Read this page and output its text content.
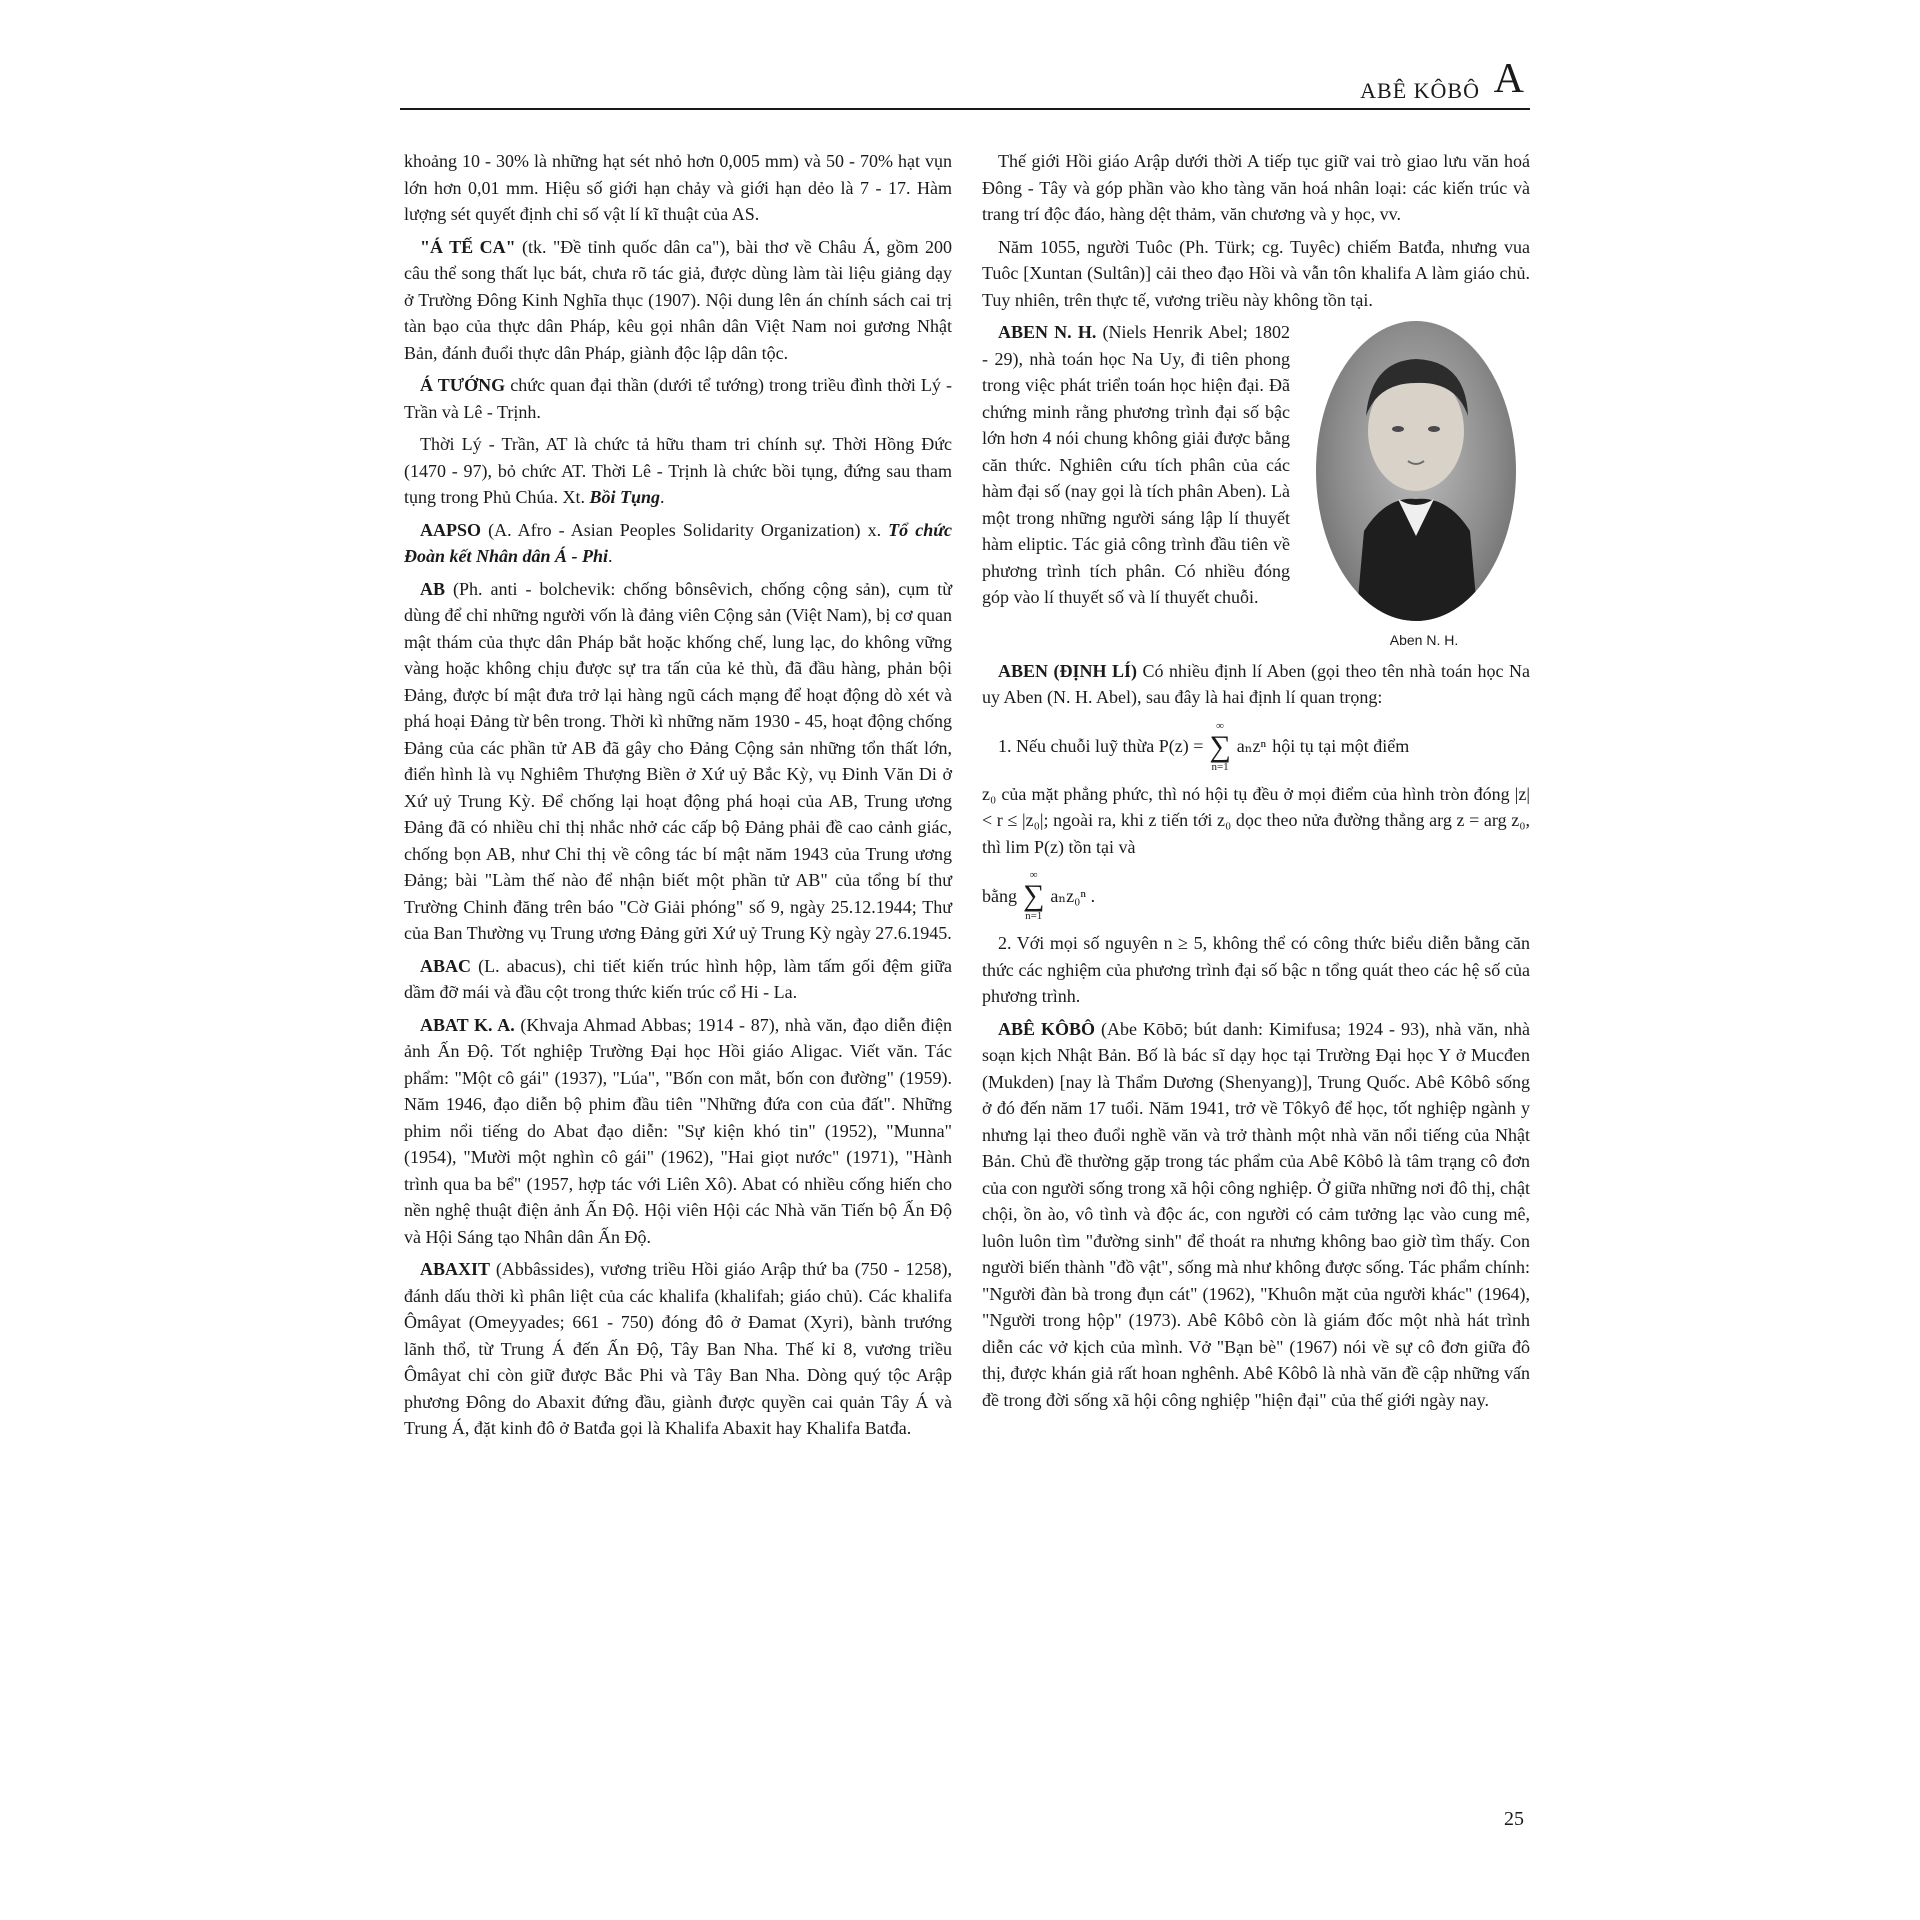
ABÊ KÔBÔ A

khoảng 10 - 30% là những hạt sét nhỏ hơn 0,005 mm) và 50 - 70% hạt vụn lớn hơn 0,01 mm. Hiệu số giới hạn chảy và giới hạn dẻo là 7 - 17. Hàm lượng sét quyết định chỉ số vật lí kĩ thuật của AS.

"Á TẾ CA" (tk. "Đề tỉnh quốc dân ca"), bài thơ về Châu Á, gồm 200 câu thể song thất lục bát, chưa rõ tác giả, được dùng làm tài liệu giảng dạy ở Trường Đông Kinh Nghĩa thục (1907). Nội dung lên án chính sách cai trị tàn bạo của thực dân Pháp, kêu gọi nhân dân Việt Nam noi gương Nhật Bản, đánh đuổi thực dân Pháp, giành độc lập dân tộc.

Á TƯỚNG chức quan đại thần (dưới tể tướng) trong triều đình thời Lý - Trần và Lê - Trịnh.

Thời Lý - Trần, AT là chức tả hữu tham tri chính sự. Thời Hồng Đức (1470 - 97), bỏ chức AT. Thời Lê - Trịnh là chức bồi tụng, đứng sau tham tụng trong Phủ Chúa. Xt. Bồi Tụng.

AAPSO (A. Afro - Asian Peoples Solidarity Organization) x. Tổ chức Đoàn kết Nhân dân Á - Phi.

AB (Ph. anti - bolchevik: chống bônsêvich, chống cộng sản), cụm từ dùng để chỉ những người vốn là đảng viên Cộng sản (Việt Nam), bị cơ quan mật thám của thực dân Pháp bắt hoặc khống chế, lung lạc, do không vững vàng hoặc không chịu được sự tra tấn của kẻ thù, đã đầu hàng, phản bội Đảng, được bí mật đưa trở lại hàng ngũ cách mạng để hoạt động dò xét và phá hoại Đảng từ bên trong. Thời kì những năm 1930 - 45, hoạt động chống Đảng của các phần tử AB đã gây cho Đảng Cộng sản những tổn thất lớn, điển hình là vụ Nghiêm Thượng Biền ở Xứ uỷ Bắc Kỳ, vụ Đinh Văn Di ở Xứ uỷ Trung Kỳ. Để chống lại hoạt động phá hoại của AB, Trung ương Đảng đã có nhiều chỉ thị nhắc nhở các cấp bộ Đảng phải đề cao cảnh giác, chống bọn AB, như Chỉ thị về công tác bí mật năm 1943 của Trung ương Đảng; bài "Làm thế nào để nhận biết một phần tử AB" của tổng bí thư Trường Chinh đăng trên báo "Cờ Giải phóng" số 9, ngày 25.12.1944; Thư của Ban Thường vụ Trung ương Đảng gửi Xứ uỷ Trung Kỳ ngày 27.6.1945.

ABAC (L. abacus), chi tiết kiến trúc hình hộp, làm tấm gối đệm giữa dầm đỡ mái và đầu cột trong thức kiến trúc cổ Hi - La.

ABAT K. A. (Khvaja Ahmad Abbas; 1914 - 87), nhà văn, đạo diễn điện ảnh Ấn Độ. Tốt nghiệp Trường Đại học Hồi giáo Aligac. Viết văn. Tác phẩm: "Một cô gái" (1937), "Lúa", "Bốn con mắt, bốn con đường" (1959). Năm 1946, đạo diễn bộ phim đầu tiên "Những đứa con của đất". Những phim nổi tiếng do Abat đạo diễn: "Sự kiện khó tin" (1952), "Munna" (1954), "Mười một nghìn cô gái" (1962), "Hai giọt nước" (1971), "Hành trình qua ba bể" (1957, hợp tác với Liên Xô). Abat có nhiều cống hiến cho nền nghệ thuật điện ảnh Ấn Độ. Hội viên Hội các Nhà văn Tiến bộ Ấn Độ và Hội Sáng tạo Nhân dân Ấn Độ.

ABAXIT (Abbâssides), vương triều Hồi giáo Arập thứ ba (750 - 1258), đánh dấu thời kì phân liệt của các khalifa (khalifah; giáo chủ). Các khalifa Ômâyat (Omeyyades; 661 - 750) đóng đô ở Đamat (Xyri), bành trướng lãnh thổ, từ Trung Á đến Ấn Độ, Tây Ban Nha. Thế kỉ 8, vương triều Ômâyat chỉ còn giữ được Bắc Phi và Tây Ban Nha. Dòng quý tộc Arập phương Đông do Abaxit đứng đầu, giành được quyền cai quản Tây Á và Trung Á, đặt kinh đô ở Batđa gọi là Khalifa Abaxit hay Khalifa Batđa.

Thế giới Hồi giáo Arập dưới thời A tiếp tục giữ vai trò giao lưu văn hoá Đông - Tây và góp phần vào kho tàng văn hoá nhân loại: các kiến trúc và trang trí độc đáo, hàng dệt thảm, văn chương và y học, vv.

Năm 1055, người Tuôc (Ph. Türk; cg. Tuyêc) chiếm Batđa, nhưng vua Tuôc [Xuntan (Sultân)] cải theo đạo Hồi và vẫn tôn khalifa A làm giáo chủ. Tuy nhiên, trên thực tế, vương triều này không tồn tại.

Aben N. H.
ABEN N. H. (Niels Henrik Abel; 1802 - 29), nhà toán học Na Uy, đi tiên phong trong việc phát triển toán học hiện đại. Đã chứng minh rằng phương trình đại số bậc lớn hơn 4 nói chung không giải được bằng căn thức. Nghiên cứu tích phân của các hàm đại số (nay gọi là tích phân Aben). Là một trong những người sáng lập lí thuyết hàm eliptic. Tác giả công trình đầu tiên về phương trình tích phân. Có nhiều đóng góp vào lí thuyết số và lí thuyết chuỗi.

ABEN (ĐỊNH LÍ) Có nhiều định lí Aben (gọi theo tên nhà toán học Na uy Aben (N. H. Abel), sau đây là hai định lí quan trọng:

1. Nếu chuỗi luỹ thừa P(z) =
∞
∑
n=1
aₙzⁿ hội tụ tại một điểm

z₀ của mặt phẳng phức, thì nó hội tụ đều ở mọi điểm của hình tròn đóng |z| < r ≤ |z₀|; ngoài ra, khi z tiến tới z₀ dọc theo nửa đường thẳng arg z = arg z₀, thì lim P(z) tồn tại và

bằng
∞
∑
n=1
aₙz₀ⁿ .

2. Với mọi số nguyên n ≥ 5, không thể có công thức biểu diễn bằng căn thức các nghiệm của phương trình đại số bậc n tổng quát theo các hệ số của phương trình.

ABÊ KÔBÔ (Abe Kōbō; bút danh: Kimifusa; 1924 - 93), nhà văn, nhà soạn kịch Nhật Bản. Bố là bác sĩ dạy học tại Trường Đại học Y ở Mucđen (Mukden) [nay là Thẩm Dương (Shenyang)], Trung Quốc. Abê Kôbô sống ở đó đến năm 17 tuổi. Năm 1941, trở về Tôkyô để học, tốt nghiệp ngành y nhưng lại theo đuổi nghề văn và trở thành một nhà văn nổi tiếng của Nhật Bản. Chủ đề thường gặp trong tác phẩm của Abê Kôbô là tâm trạng cô đơn của con người sống trong xã hội công nghiệp. Ở giữa những nơi đô thị, chật chội, ồn ào, vô tình và độc ác, con người có cảm tưởng lạc vào cung mê, luôn luôn tìm "đường sinh" để thoát ra nhưng không bao giờ tìm thấy. Con người biến thành "đồ vật", sống mà như không được sống. Tác phẩm chính: "Người đàn bà trong đụn cát" (1962), "Khuôn mặt của người khác" (1964), "Người trong hộp" (1973). Abê Kôbô còn là giám đốc một nhà hát trình diễn các vở kịch của mình. Vở "Bạn bè" (1967) nói về sự cô đơn giữa đô thị, được khán giả rất hoan nghênh. Abê Kôbô là nhà văn đề cập những vấn đề trong đời sống xã hội công nghiệp "hiện đại" của thế giới ngày nay.

25
